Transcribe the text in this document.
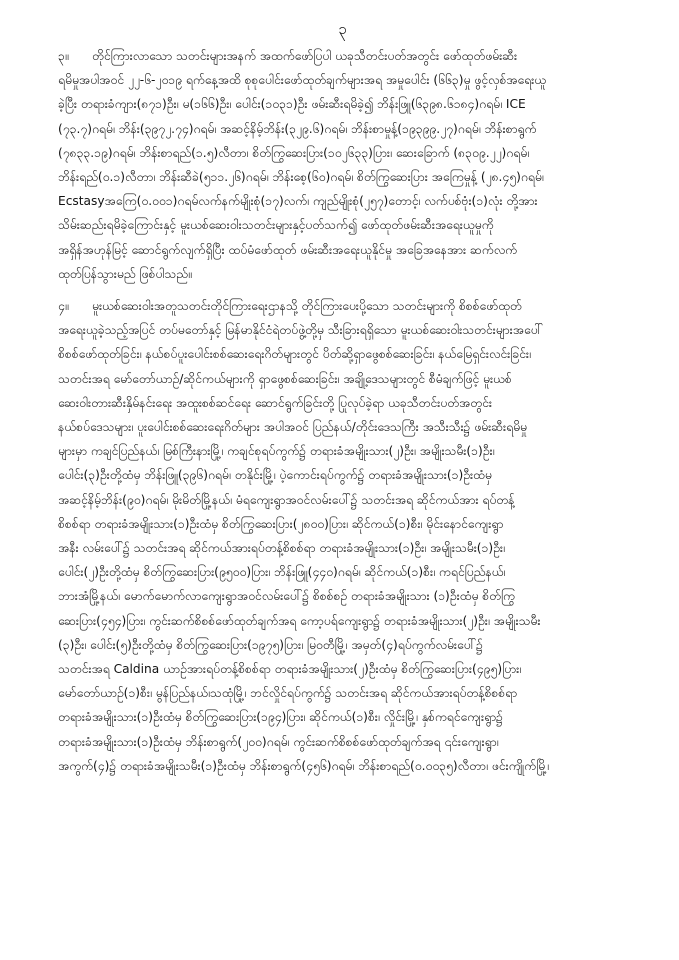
၃

၃။ တိုင်ကြားလာသော သတင်းများအနက် အထက်ဖော်ပြပါ ယခုသီတင်းပတ်အတွင်း ဖော်ထုတ်ဖမ်းဆီး
ရမိမှုအပါအဝင် ၂၂-၆-၂၀၁၉ ရက်နေ့အထိ စုစုပေါင်းဖော်ထုတ်ချက်များအရ အမှုပေါင်း (၆၆၃)မှု ဖွင့်လှစ်အရေးယူ
ခဲ့ပြီး တရားခံကျား(၈၇၁)ဦး၊ မ(၁၆၆)ဦး၊ ပေါင်း(၁၀၃၁)ဦး ဖမ်းဆီးရမိခဲ့၍ ဘိန်းဖြူ(၆၃၉၈.၆၁၈၄)ဂရမ်၊ ICE
(၇၃.၇)ဂရမ်၊ ဘိန်း(၃၉၇၂.၇၄)ဂရမ်၊ အဆင့်နိမ့်ဘိန်း(၃၂၉.၆)ဂရမ်၊ ဘိန်းစာမှုန့်(၁၉၃၉၉.၂၇)ဂရမ်၊ ဘိန်းစာရွက်
(၇၈၃၃.၁၉)ဂရမ်၊ ဘိန်းစာရည်(၁.၅)လီတာ၊ စိတ်ကြွဆေးပြား(၁၀၂၆၃၃)ပြား၊ ဆေးခြောက် (၈၃၀၉.၂၂)ဂရမ်၊
ဘိန်းရည်(၀.၁)လီတာ၊ ဘိန်းဆီခဲ(၅၁၁.၂၆)ဂရမ်၊ ဘိန်းစေ့(၆၀)ဂရမ်၊ စိတ်ကြွဆေးပြား အကြေမှုန့် (၂၈.၄၅)ဂရမ်၊
Ecstasyအကြေ(၀.၀၀၁)ဂရမ်လက်နက်မျိုးစုံ(၁၇)လက်၊ ကျည်မျိုးစုံ(၂၅၇)တောင့်၊ လက်ပစ်ဗုံး(၁)လုံး တို့အား
သိမ်းဆည်းရမိခဲ့ကြောင်းနှင့် မူးယစ်ဆေးဝါးသတင်းများနှင့်ပတ်သက်၍ ဖော်ထုတ်ဖမ်းဆီးအရေးယူမှုကို
အရှိန်အဟုန်မြင့် ဆောင်ရွက်လျက်ရှိပြီး ထပ်မံဖော်ထုတ် ဖမ်းဆီးအရေးယူနိုင်မှု အခြေအနေအား ဆက်လက်
ထုတ်ပြန်သွားမည် ဖြစ်ပါသည်။

၄။ မူးယစ်ဆေးဝါးအတူသတင်းတိုင်ကြားရေးဌာနသို့ တိုင်ကြားပေးပို့သော သတင်းများကို စိစစ်ဖော်ထုတ်
အရေးယူခဲ့သည့်အပြင် တပ်မတော်နှင့် မြန်မာနိုင်ငံရဲတပ်ဖွဲ့တို့မှ သီးခြားရရှိသော မူးယစ်ဆေးဝါးသတင်းများအပေါ်
စိစစ်ဖော်ထုတ်ခြင်း၊ နယ်စပ်ပူးပေါင်းစစ်ဆေးရေးဂိတ်များတွင် ပိတ်ဆို့ရှာဖွေစစ်ဆေးခြင်း၊ နယ်မြေရှင်းလင်းခြင်း၊
သတင်းအရ မော်တော်ယာဉ်/ဆိုင်ကယ်များကို ရှာဖွေစစ်ဆေးခြင်း၊ အချို့ဒေသများတွင် စီမံချက်ဖြင့် မူးယစ်
ဆေးဝါးတားဆီးနှိမ်နင်းရေး အထူးစစ်ဆင်ရေး ဆောင်ရွက်ခြင်းတို့ ပြုလုပ်ခဲ့ရာ ယခုသီတင်းပတ်အတွင်း
နယ်စပ်ဒေသများ၊ ပူးပေါင်းစစ်ဆေးရေးဂိတ်များ အပါအဝင် ပြည်နယ်/တိုင်းဒေသကြီး အသီးသီး၌ ဖမ်းဆီးရမိမှု
များမှာ ကချင်ပြည်နယ်၊ မြစ်ကြီးနားမြို့၊ ကချင်စုရပ်ကွက်၌ တရားခံအမျိုးသား(၂)ဦး၊ အမျိုးသမီး(၁)ဦး၊
ပေါင်း(၃)ဦးတို့ထံမှ ဘိန်းဖြူ(၃၉၆)ဂရမ်၊ တနိုင်းမြို့၊ ပဲ့ကောင်းရပ်ကွက်၌ တရားခံအမျိုးသား(၁)ဦးထံမှ
အဆင့်နိမ့်ဘိန်း(၉၀)ဂရမ်၊ မိုးမိတ်မြို့နယ်၊ မံရကျေးရွာအဝင်လမ်းပေါ်၌ သတင်းအရ ဆိုင်ကယ်အား ရပ်တန့်
စိစစ်ရာ တရားခံအမျိုးသား(၁)ဦးထံမှ စိတ်ကြွဆေးပြား(၂၈၀၀)ပြား၊ ဆိုင်ကယ်(၁)စီး၊ မိုင်းနောင်ကျေးရွာ
အနီး လမ်းပေါ်၌ သတင်းအရ ဆိုင်ကယ်အားရပ်တန့်စိစစ်ရာ တရားခံအမျိုးသား(၁)ဦး၊ အမျိုးသမီး(၁)ဦး၊
ပေါင်း(၂)ဦးတို့ထံမှ စိတ်ကြွဆေးပြား(၉၅၀၀)ပြား၊ ဘိန်းဖြူ(၄၄၀)ဂရမ်၊ ဆိုင်ကယ်(၁)စီး၊ ကရင်ပြည်နယ်၊
ဘားအံမြို့နယ်၊ မောက်မောက်လာကျေးရွာအဝင်လမ်းပေါ်၌ စိစစ်စဉ် တရားခံအမျိုးသား (၁)ဦးထံမှ စိတ်ကြွ
ဆေးပြား(၄၅၄)ပြား၊ ကွင်းဆက်စိစစ်ဖော်ထုတ်ချက်အရ ကော့ပရ်ကျေးရွာ၌ တရားခံအမျိုးသား(၂)ဦး၊ အမျိုးသမီး
(၃)ဦး၊ ပေါင်း(၅)ဦးတို့ထံမှ စိတ်ကြွဆေးပြား(၁၉၇၅)ပြား၊ မြဝတီမြို့၊ အမှတ်(၄)ရပ်ကွက်လမ်းပေါ်၌
သတင်းအရ Caldina ယာဉ်အားရပ်တန့်စိစစ်ရာ တရားခံအမျိုးသား(၂)ဦးထံမှ စိတ်ကြွဆေးပြား(၄၉၅)ပြား၊
မော်တော်ယာဉ်(၁)စီး၊ မွန်ပြည်နယ်၊သထုံမြို့၊ ဘင်လှိုင်ရပ်ကွက်၌ သတင်းအရ ဆိုင်ကယ်အားရပ်တန့်စိစစ်ရာ
တရားခံအမျိုးသား(၁)ဦးထံမှ စိတ်ကြွဆေးပြား(၁၉၄)ပြား၊ ဆိုင်ကယ်(၁)စီး၊ လှိုင်းမြို့၊ နှစ်ကရင်ကျေးရွာ၌
တရားခံအမျိုးသား(၁)ဦးထံမှ ဘိန်းစာရွက်(၂၀၀)ဂရမ်၊ ကွင်းဆက်စိစစ်ဖော်ထုတ်ချက်အရ ၎င်းကျေးရွာ၊
အကွက်(၄)၌ တရားခံအမျိုးသမီး(၁)ဦးထံမှ ဘိန်းစာရွက်(၄၅၆)ဂရမ်၊ ဘိန်းစာရည်(၀.၀၀၃၅)လီတာ၊ ဖင်းကျိုက်မြို့၊
